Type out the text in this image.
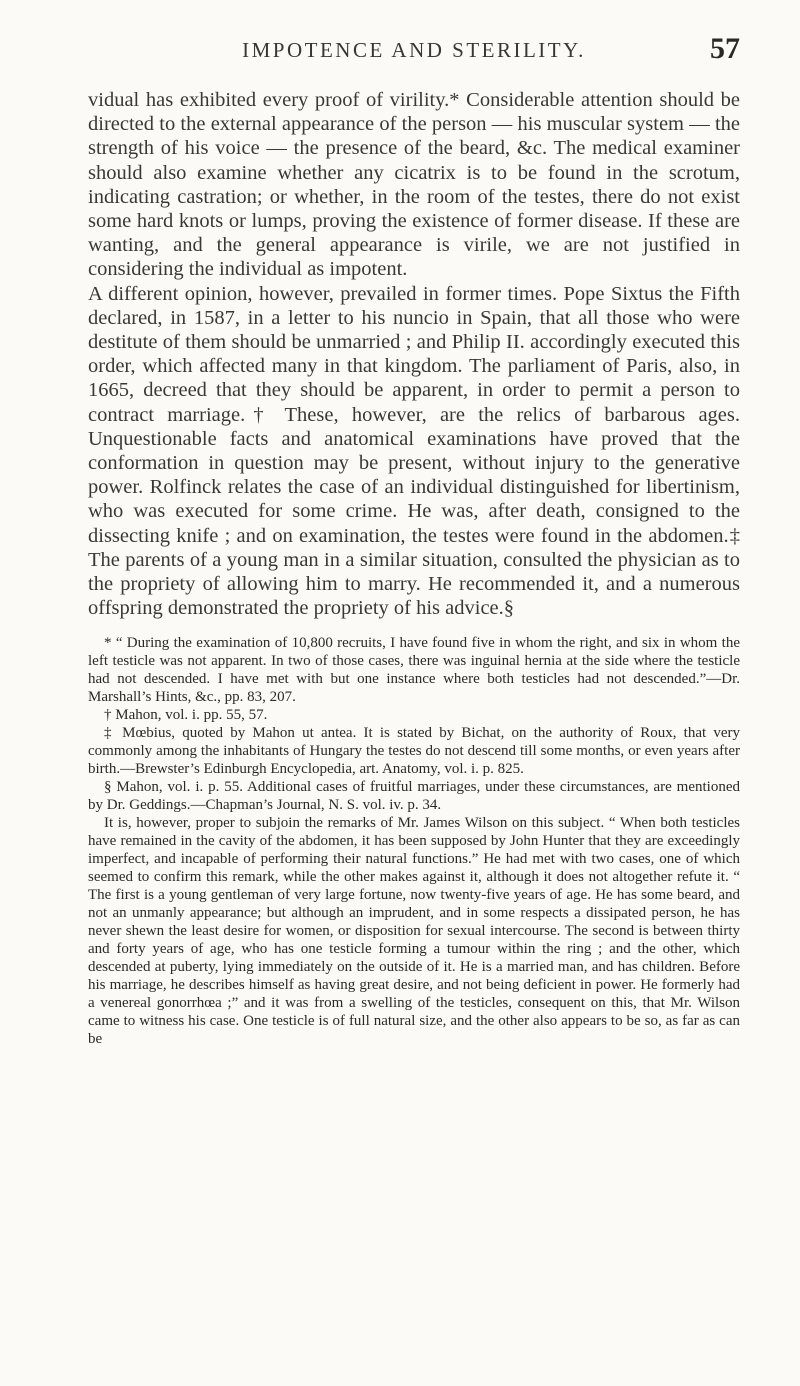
IMPOTENCE AND STERILITY.	57

vidual has exhibited every proof of virility.* Considerable attention should be directed to the external appearance of the person — his muscular system — the strength of his voice — the presence of the beard, &c. The medical examiner should also examine whether any cicatrix is to be found in the scrotum, indicating castration; or whether, in the room of the testes, there do not exist some hard knots or lumps, proving the existence of former disease. If these are wanting, and the general appearance is virile, we are not justified in considering the individual as impotent.

A different opinion, however, prevailed in former times. Pope Sixtus the Fifth declared, in 1587, in a letter to his nuncio in Spain, that all those who were destitute of them should be unmarried ; and Philip II. accordingly executed this order, which affected many in that kingdom. The parliament of Paris, also, in 1665, decreed that they should be apparent, in order to permit a person to contract marriage.† These, however, are the relics of barbarous ages. Unquestionable facts and anatomical examinations have proved that the conformation in question may be present, without injury to the generative power. Rolfinck relates the case of an individual distinguished for libertinism, who was executed for some crime. He was, after death, consigned to the dissecting knife ; and on examination, the testes were found in the abdomen.‡ The parents of a young man in a similar situation, consulted the physician as to the propriety of allowing him to marry. He recommended it, and a numerous offspring demonstrated the propriety of his advice.§

* “ During the examination of 10,800 recruits, I have found five in whom the right, and six in whom the left testicle was not apparent. In two of those cases, there was inguinal hernia at the side where the testicle had not descended. I have met with but one instance where both testicles had not descended.”—Dr. Marshall’s Hints, &c., pp. 83, 207.

† Mahon, vol. i. pp. 55, 57.

‡ Mœbius, quoted by Mahon ut antea. It is stated by Bichat, on the authority of Roux, that very commonly among the inhabitants of Hungary the testes do not descend till some months, or even years after birth.—Brewster’s Edinburgh Encyclopedia, art. Anatomy, vol. i. p. 825.

§ Mahon, vol. i. p. 55. Additional cases of fruitful marriages, under these circumstances, are mentioned by Dr. Geddings.—Chapman’s Journal, N. S. vol. iv. p. 34.

It is, however, proper to subjoin the remarks of Mr. James Wilson on this subject. “ When both testicles have remained in the cavity of the abdomen, it has been supposed by John Hunter that they are exceedingly imperfect, and incapable of performing their natural functions.” He had met with two cases, one of which seemed to confirm this remark, while the other makes against it, although it does not altogether refute it. “ The first is a young gentleman of very large fortune, now twenty-five years of age. He has some beard, and not an unmanly appearance; but although an imprudent, and in some respects a dissipated person, he has never shewn the least desire for women, or disposition for sexual intercourse. The second is between thirty and forty years of age, who has one testicle forming a tumour within the ring ; and the other, which descended at puberty, lying immediately on the outside of it. He is a married man, and has children. Before his marriage, he describes himself as having great desire, and not being deficient in power. He formerly had a venereal gonorrhœa ;” and it was from a swelling of the testicles, consequent on this, that Mr. Wilson came to witness his case. One testicle is of full natural size, and the other also appears to be so, as far as can be
